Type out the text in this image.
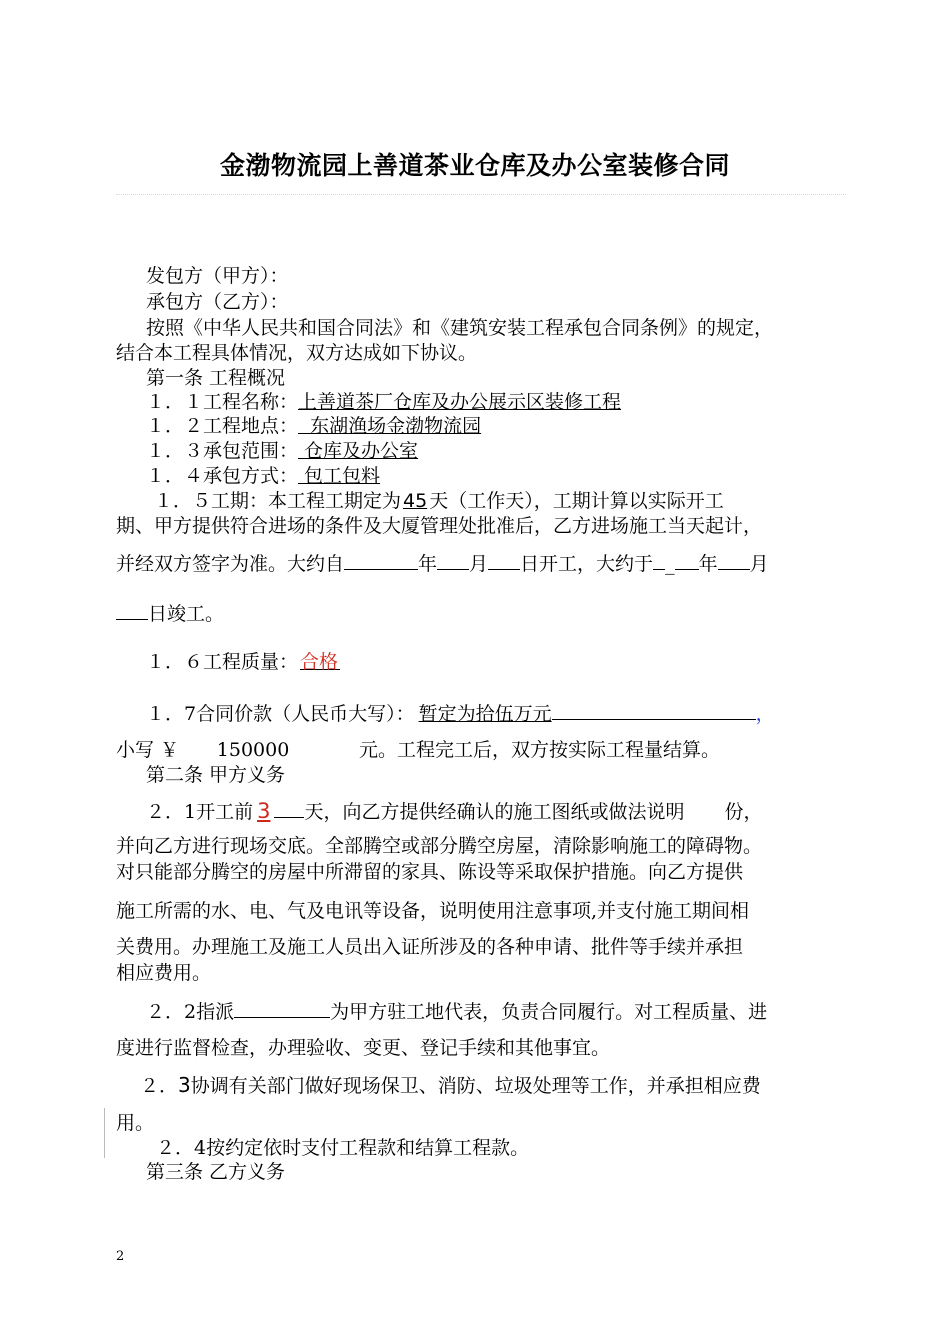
金渤物流园上善道茶业仓库及办公室装修合同
发包方（甲方）：
承包方（乙方）：
按照《中华人民共和国合同法》和《建筑安装工程承包合同条例》的规定，
结合本工程具体情况，双方达成如下协议。
第一条 工程概况
１．１工程名称：上善道茶厂仓库及办公展示区装修工程
１．２工程地点：  东湖渔场金渤物流园
１．３承包范围： 仓库及办公室
１．４承包方式： 包工包料
１．５工期：本工程工期定为 45 天（工作天），工期计算以实际开工
期、甲方提供符合进场的条件及大厦管理处批准后，乙方进场施工当天起计，
并经双方签字为准。大约自	年 月 日开工，大约于 _ 年 月
日竣工。
１．６工程质量： 合格 
１．7合同价款（人民币大写）： 暂定为拾伍万元	，
小写 ￥ 150000	元。工程完工后，双方按实际工程量结算。
第二条 甲方义务
２．1开工前 3 天，向乙方提供经确认的施工图纸或做法说明 份，
并向乙方进行现场交底。全部腾空或部分腾空房屋，清除影响施工的障碍物。
对只能部分腾空的房屋中所滞留的家具、陈设等采取保护措施。向乙方提供
施工所需的水、电、气及电讯等设备，说明使用注意事项,并支付施工期间相
关费用。办理施工及施工人员出入证所涉及的各种申请、批件等手续并承担
相应费用。
２．2指派	为甲方驻工地代表，负责合同履行。对工程质量、进
度进行监督检查，办理验收、变更、登记手续和其他事宜。
２．3协调有关部门做好现场保卫、消防、垃圾处理等工作，并承担相应费
用。
２．4按约定依时支付工程款和结算工程款。
第三条 乙方义务
2
